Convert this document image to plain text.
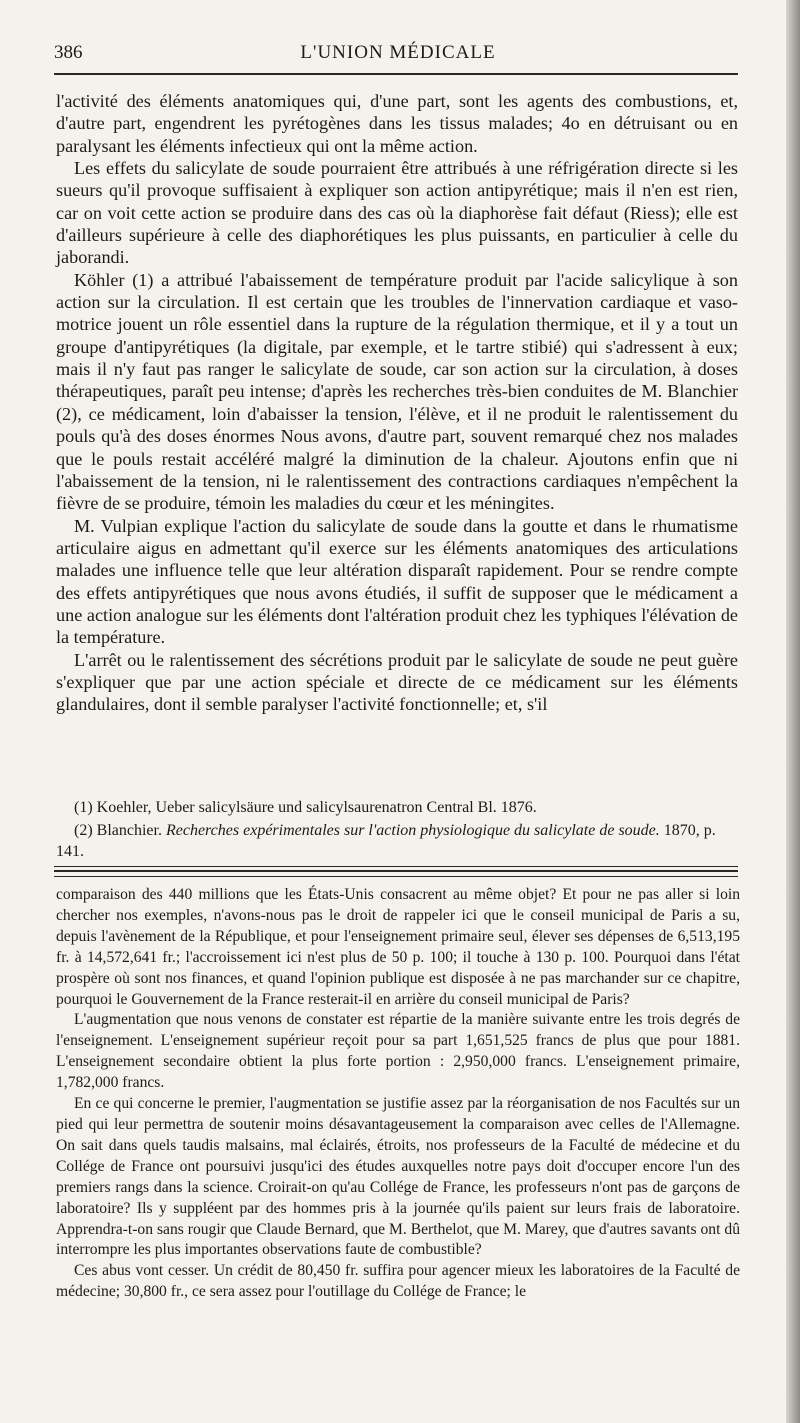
386	L'UNION MÉDICALE

l'activité des éléments anatomiques qui, d'une part, sont les agents des combustions, et, d'autre part, engendrent les pyrétogènes dans les tissus malades; 4o en détruisant ou en paralysant les éléments infectieux qui ont la même action.

Les effets du salicylate de soude pourraient être attribués à une réfrigération directe si les sueurs qu'il provoque suffisaient à expliquer son action antipyrétique; mais il n'en est rien, car on voit cette action se produire dans des cas où la diaphorèse fait défaut (Riess); elle est d'ailleurs supérieure à celle des diaphorétiques les plus puissants, en particulier à celle du jaborandi.

Köhler (1) a attribué l'abaissement de température produit par l'acide salicylique à son action sur la circulation. Il est certain que les troubles de l'innervation cardiaque et vaso-motrice jouent un rôle essentiel dans la rupture de la régulation thermique, et il y a tout un groupe d'antipyrétiques (la digitale, par exemple, et le tartre stibié) qui s'adressent à eux; mais il n'y faut pas ranger le salicylate de soude, car son action sur la circulation, à doses thérapeutiques, paraît peu intense; d'après les recherches très-bien conduites de M. Blanchier (2), ce médicament, loin d'abaisser la tension, l'élève, et il ne produit le ralentissement du pouls qu'à des doses énormes Nous avons, d'autre part, souvent remarqué chez nos malades que le pouls restait accéléré malgré la diminution de la chaleur. Ajoutons enfin que ni l'abaissement de la tension, ni le ralentissement des contractions cardiaques n'empêchent la fièvre de se produire, témoin les maladies du cœur et les méningites.

M. Vulpian explique l'action du salicylate de soude dans la goutte et dans le rhumatisme articulaire aigus en admettant qu'il exerce sur les éléments anatomiques des articulations malades une influence telle que leur altération disparaît rapidement. Pour se rendre compte des effets antipyrétiques que nous avons étudiés, il suffit de supposer que le médicament a une action analogue sur les éléments dont l'altération produit chez les typhiques l'élévation de la température.

L'arrêt ou le ralentissement des sécrétions produit par le salicylate de soude ne peut guère s'expliquer que par une action spéciale et directe de ce médicament sur les éléments glandulaires, dont il semble paralyser l'activité fonctionnelle; et, s'il

(1) Koehler, Ueber salicylsäure und salicylsaurenatron Central Bl. 1876.

(2) Blanchier. Recherches expérimentales sur l'action physiologique du salicylate de soude. 1870, p. 141.

comparaison des 440 millions que les États-Unis consacrent au même objet? Et pour ne pas aller si loin chercher nos exemples, n'avons-nous pas le droit de rappeler ici que le conseil municipal de Paris a su, depuis l'avènement de la République, et pour l'enseignement primaire seul, élever ses dépenses de 6,513,195 fr. à 14,572,641 fr.; l'accroissement ici n'est plus de 50 p. 100; il touche à 130 p. 100. Pourquoi dans l'état prospère où sont nos finances, et quand l'opinion publique est disposée à ne pas marchander sur ce chapitre, pourquoi le Gouvernement de la France resterait-il en arrière du conseil municipal de Paris?

L'augmentation que nous venons de constater est répartie de la manière suivante entre les trois degrés de l'enseignement. L'enseignement supérieur reçoit pour sa part 1,651,525 francs de plus que pour 1881. L'enseignement secondaire obtient la plus forte portion : 2,950,000 francs. L'enseignement primaire, 1,782,000 francs.

En ce qui concerne le premier, l'augmentation se justifie assez par la réorganisation de nos Facultés sur un pied qui leur permettra de soutenir moins désavantageusement la comparaison avec celles de l'Allemagne. On sait dans quels taudis malsains, mal éclairés, étroits, nos professeurs de la Faculté de médecine et du Collége de France ont poursuivi jusqu'ici des études auxquelles notre pays doit d'occuper encore l'un des premiers rangs dans la science. Croirait-on qu'au Collége de France, les professeurs n'ont pas de garçons de laboratoire? Ils y suppléent par des hommes pris à la journée qu'ils paient sur leurs frais de laboratoire. Apprendra-t-on sans rougir que Claude Bernard, que M. Berthelot, que M. Marey, que d'autres savants ont dû interrompre les plus importantes observations faute de combustible?

Ces abus vont cesser. Un crédit de 80,450 fr. suffira pour agencer mieux les laboratoires de la Faculté de médecine; 30,800 fr., ce sera assez pour l'outillage du Collége de France; le
